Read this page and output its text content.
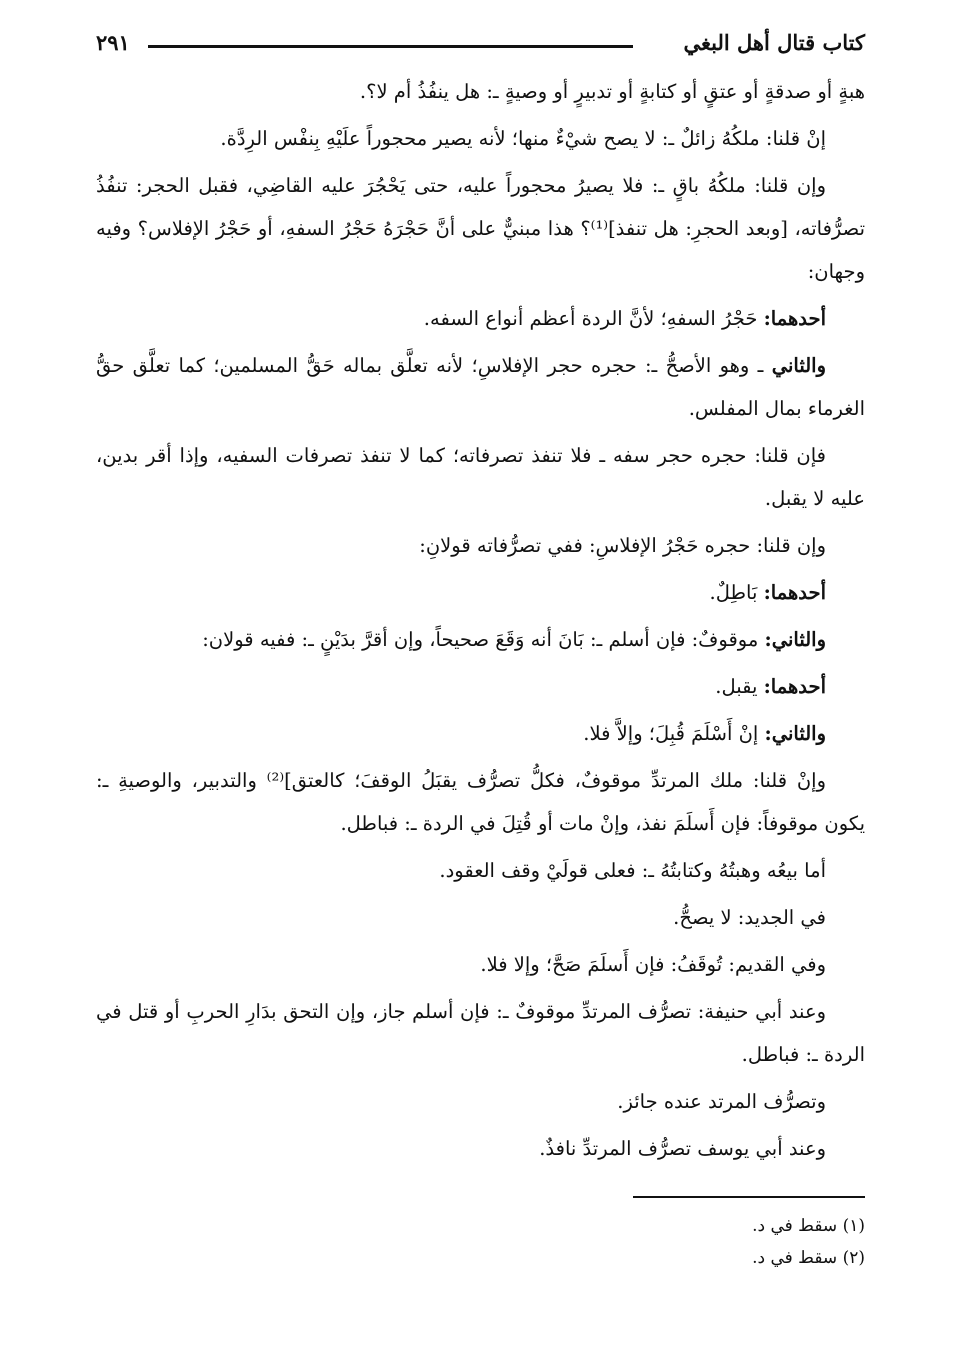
كتاب قتال أهل البغي
٢٩١
هبةٍ أو صدقةٍ أو عتقٍ أو كتابةٍ أو تدبيرٍ أو وصيةٍ ـ: هل ينفُذُ أم لا؟.
إنْ قلنا: ملكُهُ زائلٌ ـ: لا يصح شيْءٌ منها؛ لأنه يصير محجوراً علَيْهِ بِنفْس الرِدَّة.
وإن قلنا: ملكُهُ باقٍ ـ: فلا يصيرُ محجوراً عليه، حتى يَحْجُرَ عليه القاضِي، فقبل الحجر: تنفُذُ تصرُّفاته، [وبعد الحجرِ: هل تنفذ]⁽¹⁾؟ هذا مبنيٌّ على أنَّ حَجْرَهُ حَجْرُ السفهِ، أو حَجْرُ الإفلاس؟ وفيه وجهان:
أحدهما: حَجْرُ السفهِ؛ لأنَّ الردة أعظم أنواع السفه.
والثاني ـ وهو الأصحُّ ـ: حجره حجر الإفلاسِ؛ لأنه تعلَّق بماله حَقُّ المسلمين؛ كما تعلَّق حقُّ الغرماء بمال المفلس.
فإن قلنا: حجره حجر سفه ـ فلا تنفذ تصرفاته؛ كما لا تنفذ تصرفات السفيه، وإذا أقر بدين، عليه لا يقبل.
وإن قلنا: حجره حَجْرُ الإفلاسِ: ففي تصرُّفاته قولانِ:
أحدهما: بَاطِلٌ.
والثاني: موقوفٌ: فإن أسلم ـ: بَانَ أنه وَقَعَ صحيحاً، وإن أقرَّ بدَيْنٍ ـ: ففيه قولان:
أحدهما: يقبل.
والثاني: إنْ أَسْلَمَ قُبِلَ؛ وإلاَّ فلا.
وإنْ قلنا: ملك المرتدِّ موقوفٌ، فكلُّ تصرُّف يقبَلُ الوقفَ؛ كالعتق]⁽²⁾ والتدبير، والوصيةِ ـ: يكون موقوفاً: فإن أَسلَمَ نفذ، وإنْ مات أو قُتِلَ في الردة ـ: فباطل.
أما بيعُه وهبتُهُ وكتابتُهُ ـ: فعلى قولَيْ وقف العقود.
في الجديد: لا يصحُّ.
وفي القديم: تُوقَفُ: فإن أَسلَمَ صَحَّ؛ وإلا فلا.
وعند أبي حنيفة: تصرُّف المرتدِّ موقوفٌ ـ: فإن أسلم جاز، وإن التحق بدَارِ الحربِ أو قتل في الردة ـ: فباطل.
وتصرُّف المرتد عنده جائز.
وعند أبي يوسف تصرُّف المرتدِّ نافذٌ.
(١) سقط في د.
(٢) سقط في د.
